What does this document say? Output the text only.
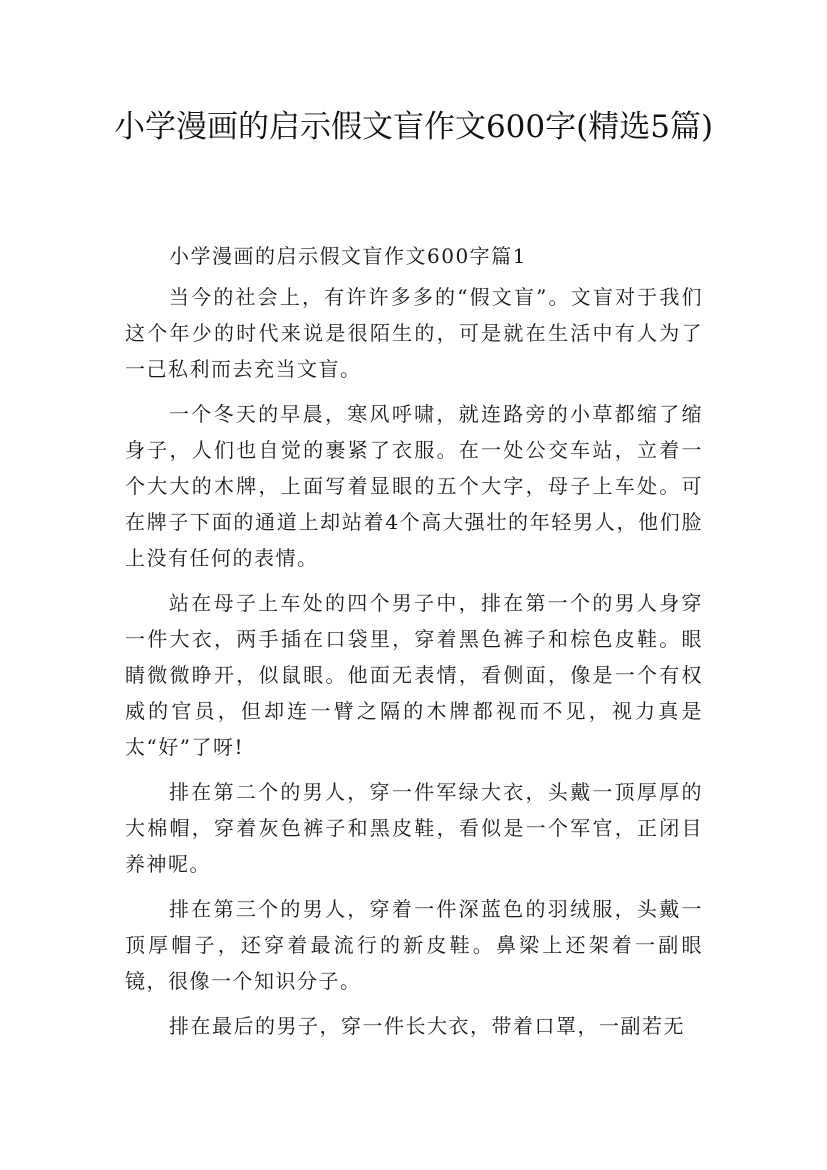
小学漫画的启示假文盲作文600字(精选5篇)

小学漫画的启示假文盲作文600字篇1

当今的社会上，有许许多多的“假文盲”。文盲对于我们这个年少的时代来说是很陌生的，可是就在生活中有人为了一己私利而去充当文盲。

一个冬天的早晨，寒风呼啸，就连路旁的小草都缩了缩身子，人们也自觉的裹紧了衣服。在一处公交车站，立着一个大大的木牌，上面写着显眼的五个大字，母子上车处。可在牌子下面的通道上却站着4个高大强壮的年轻男人，他们脸上没有任何的表情。

站在母子上车处的四个男子中，排在第一个的男人身穿一件大衣，两手插在口袋里，穿着黑色裤子和棕色皮鞋。眼睛微微睁开，似鼠眼。他面无表情，看侧面，像是一个有权威的官员，但却连一臂之隔的木牌都视而不见，视力真是太“好”了呀!

排在第二个的男人，穿一件军绿大衣，头戴一顶厚厚的大棉帽，穿着灰色裤子和黑皮鞋，看似是一个军官，正闭目养神呢。

排在第三个的男人，穿着一件深蓝色的羽绒服，头戴一顶厚帽子，还穿着最流行的新皮鞋。鼻梁上还架着一副眼镜，很像一个知识分子。

排在最后的男子，穿一件长大衣，带着口罩，一副若无
